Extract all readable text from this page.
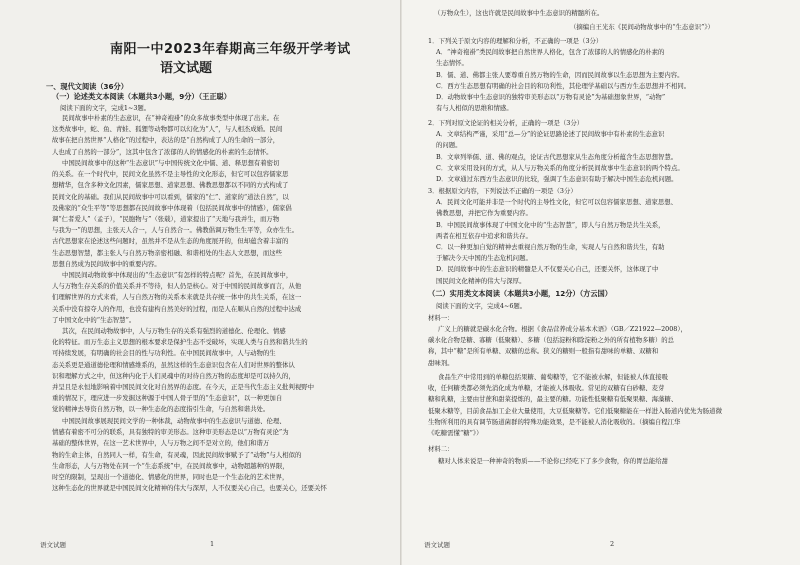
南阳一中2023年春期高三年级开学考试
语文试题
一、现代文阅读（36分）
（一）论述类文本阅读（本题共3小题，9分）（王正聪）
阅读下面的文字，完成1~3题。
民间故事中朴素的生态意识，在“神奇袍褂”的众多故事类型中体现了出来。在
这类故事中，蛇、鱼、青蛙、狐狸等动物都可以幻化为“人”，与人相杰成婚。民间
故事在把自然世界“人格化”的过程中，表达的是“自然构成了人的生命的一部分，
人也成了自然的一部分”，这其中包含了浓郁的人的情感化的朴素的生态情怀。
中国民间故事中的这种“生态意识”与中国传统文化中儒、道、释思想有着密切
的关系。在一个时代中，民间文化虽然不是主导性的文化形态，但它可以包容儒家思
想精华，包含多种文化因素，儒家思想、道家思想、佛教思想都以不同的方式构成了
民间文化的基础。我们从民间故事中可以看到，儒家的“仁”、道家的“道法自然”，以
及佛家的“众生平等”等思想都在民间故事中体现着（包括民间故事中的情感），儒家倡
调“仁者爱人”（孟子），“民胞物与”（张载），道家提出了“天地与我并生，而万物
与我为一”的思想，主张天人合一，人与自然合一。佛教倡调万物生生平等，众亦生生。
古代思想家在论述这些问题时，虽然并不是从生态的角度展开的，但却蕴含着丰富的
生态思想智慧，都主张人与自然万物亲密相融、和谐相处的生态人文思想，而这些
思想自然成为民间故事中的重要内容。
中国民间动物故事中体现出的“生态意识”有怎样的特点呢？首先，在民间故事中，
人与万物生存关系的价值关系并不等待，但人仍是核心。对于中国的民间故事而言，从他
们理解世界的方式来看，人与自然万物的关系本来就是共存统一体中的共生关系，在这一
关系中没有掠夺人的作用，也没有建构自然美好的过程，而是人在顺从自然的过程中达成
了中国文化中的“生态智慧”。
其次，在民间动物故事中，人与万物生存的关系有强烈的道德化、伦理化、情感
化的特征。而万生态主义思想的根本要求是保护生态不受破坏，实现人类与自然和谐共生的
可持续发展，有明确的社会目的性与功利性。在中国民间故事中，人与动物的生
态关系更是通道德伦理和情感维系的，虽然这样的生态意识包含在人们对世界的整体认
识和理解方式之中，但这种内化于人们灵魂中的对待自然万物的态度却是可以持久的，
并呈且是永恒地影响着中国民间文化对自然界的态度。在今天，正是当代生态主义批判视野中
重的情况下，理应进一步发掘这种源于中国人骨子里的“生态意识”，以一种更加自
觉的精神去导资自然万物，以一种生态化的态度指引生命，与自然和谐共处。
中国民间故事展现民间文学的一种体裁，动物故事中的生态意识与道德、伦理、
情感有着密不可分的联系，具有独特的审美形态。这种审美形态是以“万物有灵论”为
基础的整体世界，在这一艺术世界中，人与万物之间不是对立的，他们和谐万
物的生命主体，自然同人一样，有生命，有灵魂，因此民间故事赋予了“动物”与人相似的
生命形态，人与万物处在同一个“生态系统”中，在民间故事中，动物超越种的界限，
时空的限制，呈现出一个道德化、情感化的世界，同时也是一个生态化的艺术世界，
这种生态化的世界就是中国民间文化精神的伟大与深厚，人不仅要关心自己，也要关心，还要关怀
语文试题	1
（万物众生），这也许就是民间故事中生态意识的精髓所在。
（摘编自王光东《民间动物故事中的“生态意识”》）
1．下列关于原文内容的理解和分析，不正确的一项是（3分）
A．“神奇袍褂”类民间故事把自然世界人格化，包含了浓郁的人的情感化的朴素的
生态情怀。
B．儒、道、佛都主张人要尊重自然万物的生命，因而民间故事以生态思想为主要内容。
C．西方生态思想有明确的社会目的和功利性，其伦理学基础以与西方生态思想并不相同。
D．动物故事中生态意识的独特审美形态以“万物有灵论”为基础想象世界，“动物”
有与人相似的思维和情感。
2．下列对原文论证的相关分析，正确的一项是（3分）
A．文章结构严谨，采用“总—分”的论证思路论述了民间故事中有朴素的生态意识
的问题。
B．文章列举儒、道、佛的观点，论证古代思想家从生态角度分析蕴含生态思想智慧。
C．文章采用设问的方式，从人与万物关系的角度分析民间故事中生态意识的两个特点。
D．文章通过东西方生态意识的比较，强调了生态意识有助于解决中国生态危机问题。
3．根据原文内容，下列说法不正确的一项是（3分）
A．民间文化可能并非是一个时代的主导性文化，但它可以包容儒家思想、道家思想、
佛教思想，并把它作为重要内容。
B．中国民间故事体现了中国文化中的“生态智慧”，即人与自然万物是共生关系，
两者在相互依存中追求和谐共存。
C．以一种更加自觉的精神去重视自然万物的生命，实现人与自然和谐共生，有助
于解决今天中国的生态危机问题。
D．民间故事中的生态意识的精髓是人不仅要关心自己，还要关怀，这体现了中
国民间文化精神的伟大与深厚。
（二）实用类文本阅读（本题共3小题，12分）（方云国）
阅读下面的文字，完成4~6题。
材料一：
广义上的糖就是碳水化合物。根据《食品营养成分基本术语》（GB／Z21922—2008），
碳水化合物是糖、寡糖（低聚糖）、多糖（包括淀粉和除淀粉之外的所有植物多糖）的总
称，其中“糖”是所有单糖、双糖的总称。狭义的糖则一般指有甜味的单糖、双糖和
甜味剂。
食品生产中常用到的单糖包括果糖、葡萄糖等，它不能被水解，但能被人体直接吸
收，任何糖类都必须先消化成为单糖，才能被人体吸收。常见的双糖有白砂糖、麦芽
糖和乳糖，主要由甘蔗和甜菜提炼的，最主要的糖。功能性低聚糖有低聚果糖、海藻糖、
低聚木糖等，目前食品加工企业大量使用，大豆低聚糖等。它们低聚糖能在一样进入肠道内优先为肠道微
生物所利用的具有调节肠道菌群的特殊功能效果，是不能被人消化吸收的。（摘编自程江华
《吃糖需懂“糖”》）
材料二：
糖对人体来说是一种神奇的物质——不论你已经吃下了多少食物，你的胃总能给甜
语文试题	2
